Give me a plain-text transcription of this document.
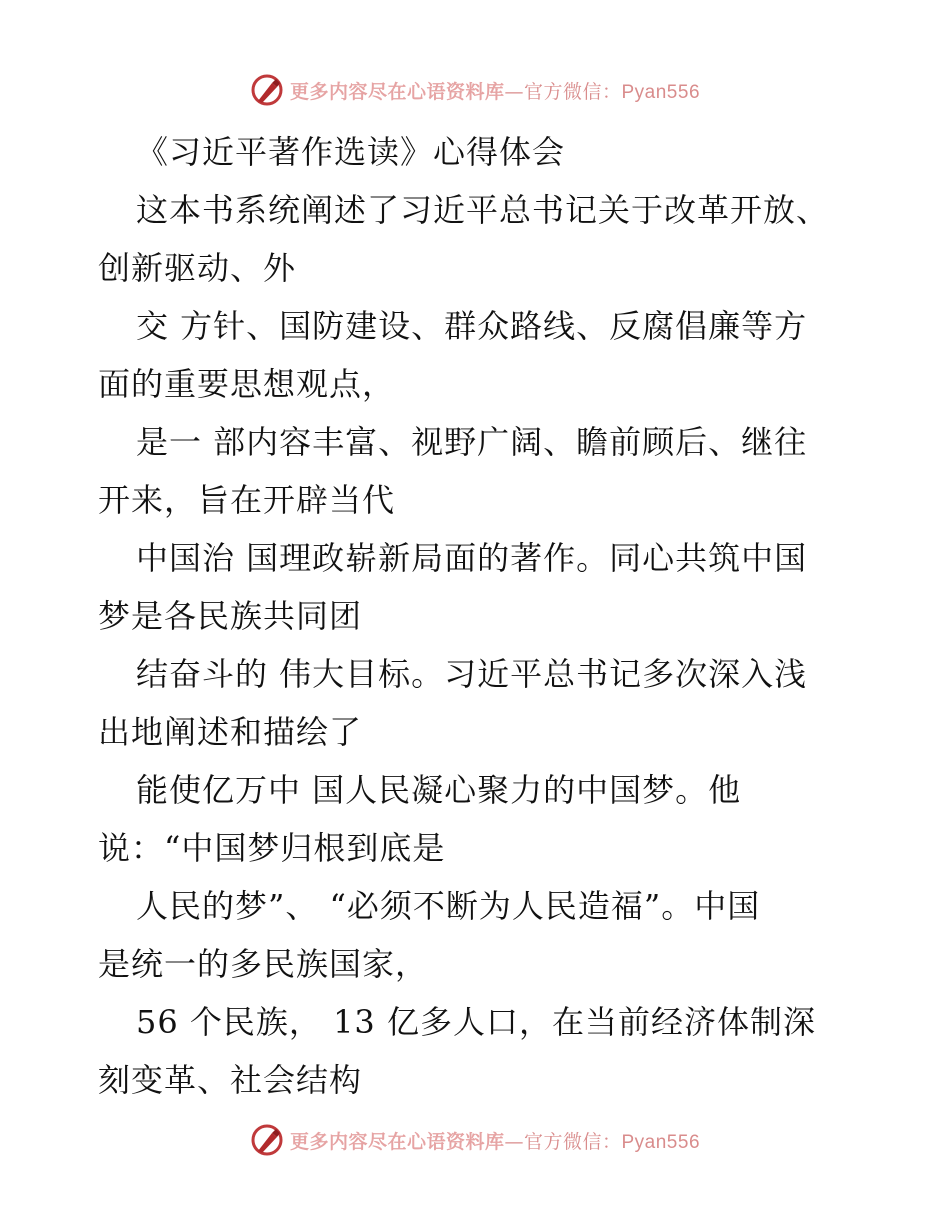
更多内容尽在心语资料库—官方微信：Pyan556
《习近平著作选读》心得体会
这本书系统阐述了习近平总书记关于改革开放、
创新驱动、外
交 方针、国防建设、群众路线、反腐倡廉等方
面的重要思想观点，
是一 部内容丰富、视野广阔、瞻前顾后、继往
开来，旨在开辟当代
中国治 国理政崭新局面的著作。同心共筑中国
梦是各民族共同团
结奋斗的 伟大目标。习近平总书记多次深入浅
出地阐述和描绘了
能使亿万中 国人民凝心聚力的中国梦。他
说：“中国梦归根到底是
人民的梦”、 “必须不断为人民造福”。中国
是统一的多民族国家，
56 个民族， 13 亿多人口，在当前经济体制深
刻变革、社会结构
更多内容尽在心语资料库—官方微信：Pyan556
